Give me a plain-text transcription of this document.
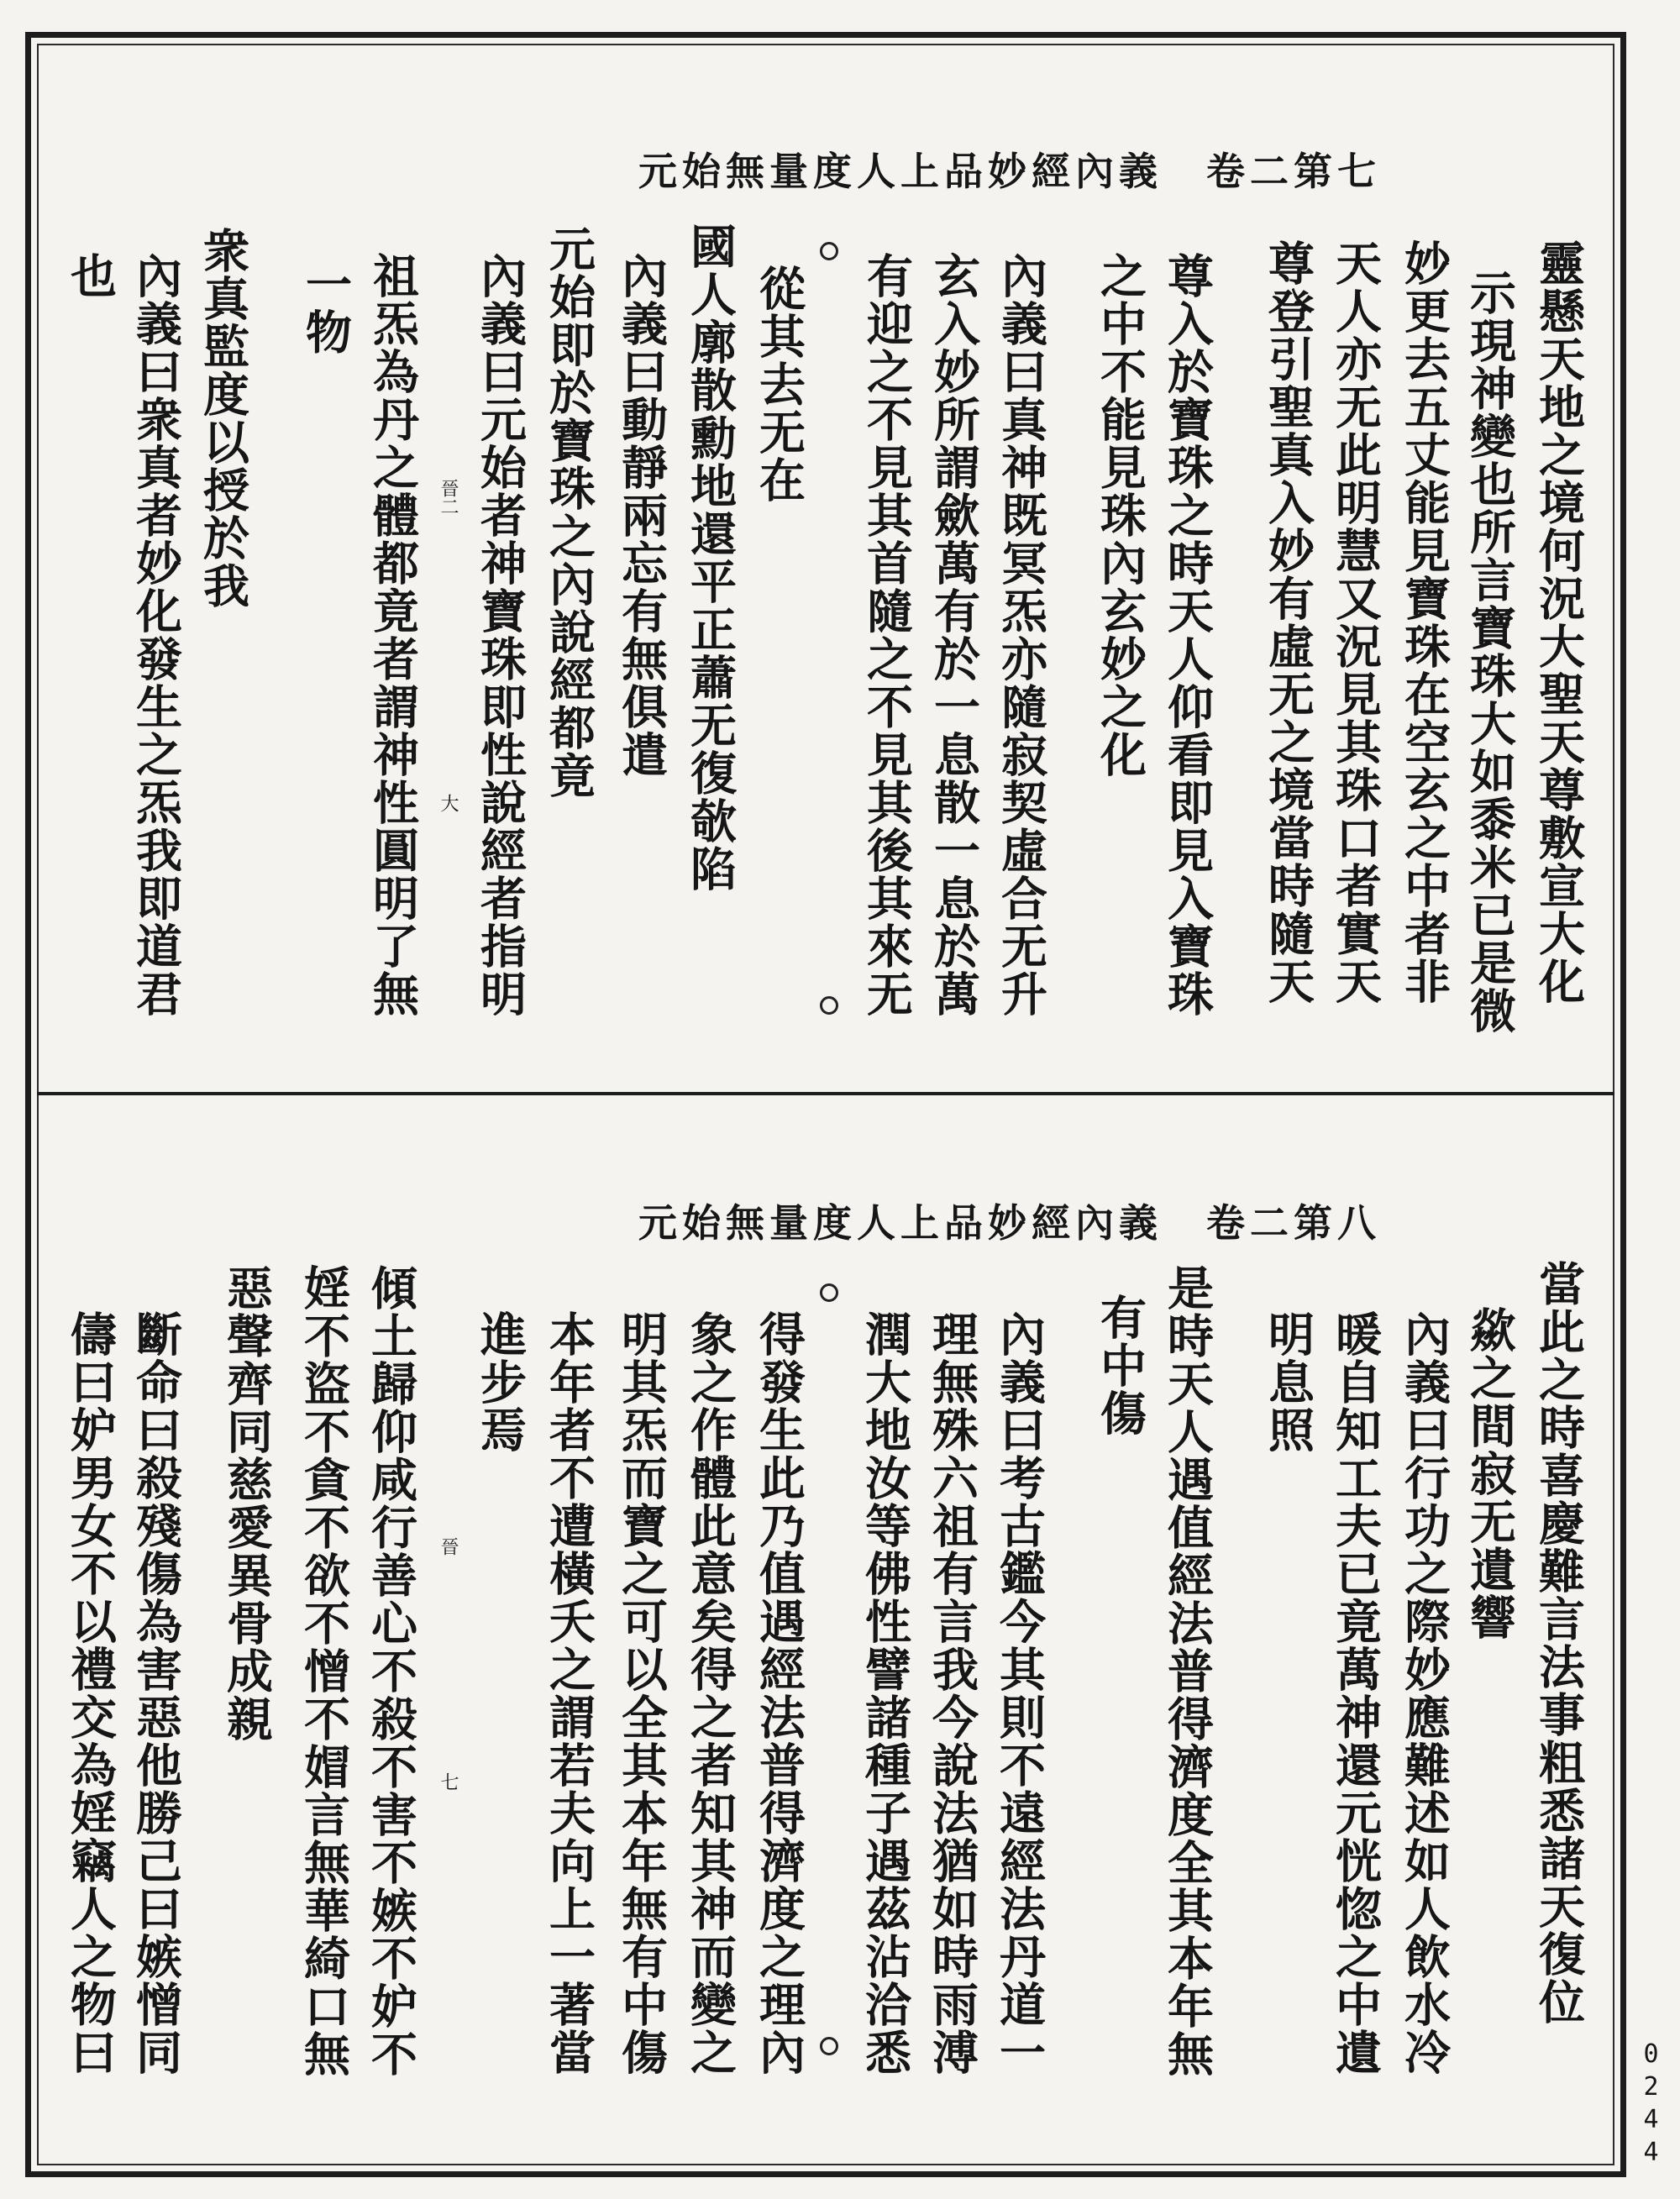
元始無量度人上品妙經內義　卷二第七
靈懸天地之境何況大聖天尊敷宣大化
示現神變也所言寶珠大如黍米已是微
妙更去五丈能見寶珠在空玄之中者非
天人亦无此明慧又況見其珠口者實天
尊登引聖真入妙有虛无之境當時隨天
尊入於寶珠之時天人仰看即見入寶珠
之中不能見珠內玄妙之化
內義曰真神既冥炁亦隨寂契虛合无升
玄入妙所謂歛萬有於一息散一息於萬
有迎之不見其首隨之不見其後其來无
從其去无在
國人廓散勳地還平正蕭无復欹陷
內義曰動靜兩忘有無俱遣
元始即於寶珠之內說經都竟
內義曰元始者神寶珠即性說經者指明
祖炁為丹之體都竟者謂神性圓明了無
一物
衆真監度以授於我
內義曰衆真者妙化發生之炁我即道君
也
晉二
大
元始無量度人上品妙經內義　卷二第八
當此之時喜慶難言法事粗悉諸天復位
歘之間寂无遺響
內義曰行功之際妙應難述如人飲水冷
暖自知工夫已竟萬神還元恍惚之中遺
明息照
是時天人遇值經法普得濟度全其本年無
有中傷
內義曰考古鑑今其則不遠經法丹道一
理無殊六祖有言我今說法猶如時雨溥
潤大地汝等佛性譬諸種子遇茲沾洽悉
得發生此乃值遇經法普得濟度之理內
象之作體此意矣得之者知其神而變之
明其炁而寶之可以全其本年無有中傷
本年者不遭橫夭之謂若夫向上一著當
進步焉
傾土歸仰咸行善心不殺不害不嫉不妒不
婬不盜不貪不欲不憎不媢言無華綺口無
惡聲齊同慈愛異骨成親
斷命曰殺殘傷為害惡他勝己曰嫉憎同
儔曰妒男女不以禮交為婬竊人之物曰	晉
七
0244
